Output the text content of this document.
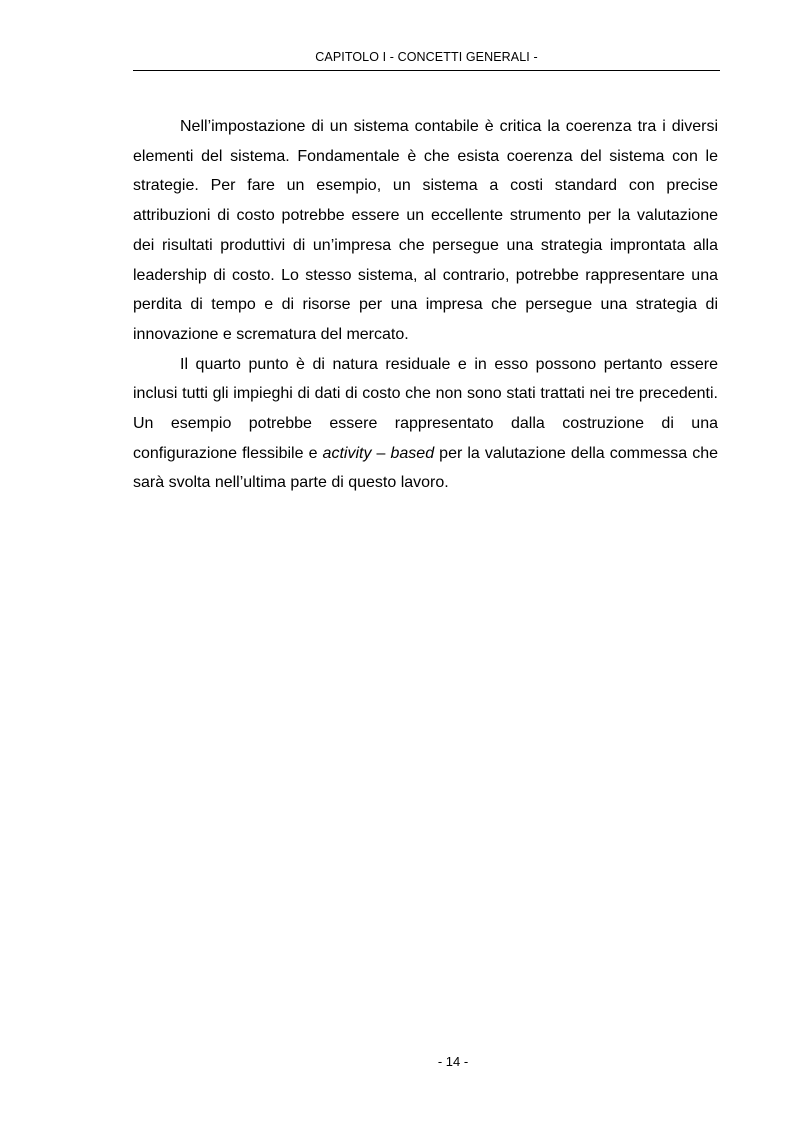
CAPITOLO I - CONCETTI GENERALI -

Nell’impostazione di un sistema contabile è critica la coerenza tra i diversi elementi del sistema. Fondamentale è che esista coerenza del sistema con le strategie. Per fare un esempio, un sistema a costi standard con precise attribuzioni di costo potrebbe essere un eccellente strumento per la valutazione dei risultati produttivi di un’impresa che persegue una strategia improntata alla leadership di costo. Lo stesso sistema, al contrario, potrebbe rappresentare una perdita di tempo e di risorse per una impresa che persegue una strategia di innovazione e scrematura del mercato.

Il quarto punto è di natura residuale e in esso possono pertanto essere inclusi tutti gli impieghi di dati di costo che non sono stati trattati nei tre precedenti. Un esempio potrebbe essere rappresentato dalla costruzione di una configurazione flessibile e activity – based per la valutazione della commessa che sarà svolta nell’ultima parte di questo lavoro.

- 14 -
